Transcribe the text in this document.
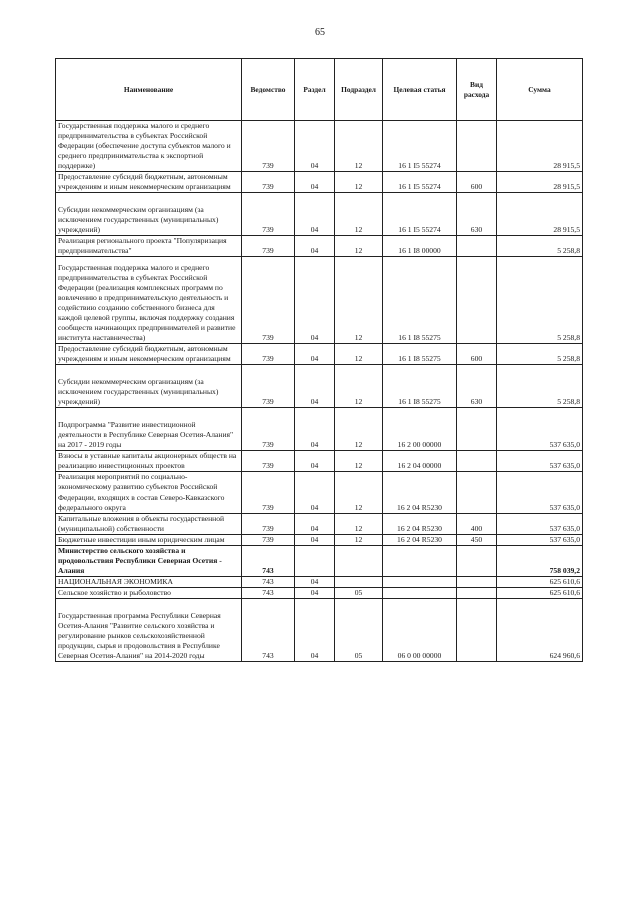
65
Наименование	Ведомство	Раздел	Подраздел	Целевая статья	Вид расхода	Сумма
Государственная поддержка малого и среднего предпринимательства в субъектах Российской Федерации (обеспечение доступа субъектов малого и среднего предпринимательства к экспортной поддержке)	739	04	12	16 1 I5 55274		28 915,5
Предоставление субсидий бюджетным, автономным учреждениям и иным некоммерческим организациям	739	04	12	16 1 I5 55274	600	28 915,5
Субсидии некоммерческим организациям (за исключением государственных (муниципальных) учреждений)	739	04	12	16 1 I5 55274	630	28 915,5
Реализация регионального проекта "Популяризация предпринимательства"	739	04	12	16 1 I8 00000		5 258,8
Государственная поддержка малого и среднего предпринимательства в субъектах Российской Федерации (реализация комплексных программ по вовлечению в предпринимательскую деятельность и содействию созданию собственного бизнеса для каждой целевой группы, включая поддержку создания сообществ начинающих предпринимателей и развитие института наставничества)	739	04	12	16 1 I8 55275		5 258,8
Предоставление субсидий бюджетным, автономным учреждениям и иным некоммерческим организациям	739	04	12	16 1 I8 55275	600	5 258,8
Субсидии некоммерческим организациям (за исключением государственных (муниципальных) учреждений)	739	04	12	16 1 I8 55275	630	5 258,8
Подпрограмма "Развитие инвестиционной деятельности в Республике Северная Осетия-Алания" на 2017 - 2019 годы	739	04	12	16 2 00 00000		537 635,0
Взносы в уставные капиталы акционерных обществ на реализацию инвестиционных проектов	739	04	12	16 2 04 00000		537 635,0
Реализация мероприятий по социально-экономическому развитию субъектов Российской Федерации, входящих в состав Северо-Кавказского федерального округа	739	04	12	16 2 04 R5230		537 635,0
Капитальные вложения в объекты государственной (муниципальной) собственности	739	04	12	16 2 04 R5230	400	537 635,0
Бюджетные инвестиции иным юридическим лицам	739	04	12	16 2 04 R5230	450	537 635,0
Министерство сельского хозяйства и продовольствия Республики Северная Осетия - Алания	743					758 039,2
НАЦИОНАЛЬНАЯ ЭКОНОМИКА	743	04				625 610,6
Сельское хозяйство и рыболовство	743	04	05			625 610,6
Государственная программа Республики Северная Осетия-Алания "Развитие сельского хозяйства и регулирование рынков сельскохозяйственной продукции, сырья и продовольствия в Республике Северная Осетия-Алания" на 2014-2020 годы	743	04	05	06 0 00 00000		624 960,6
